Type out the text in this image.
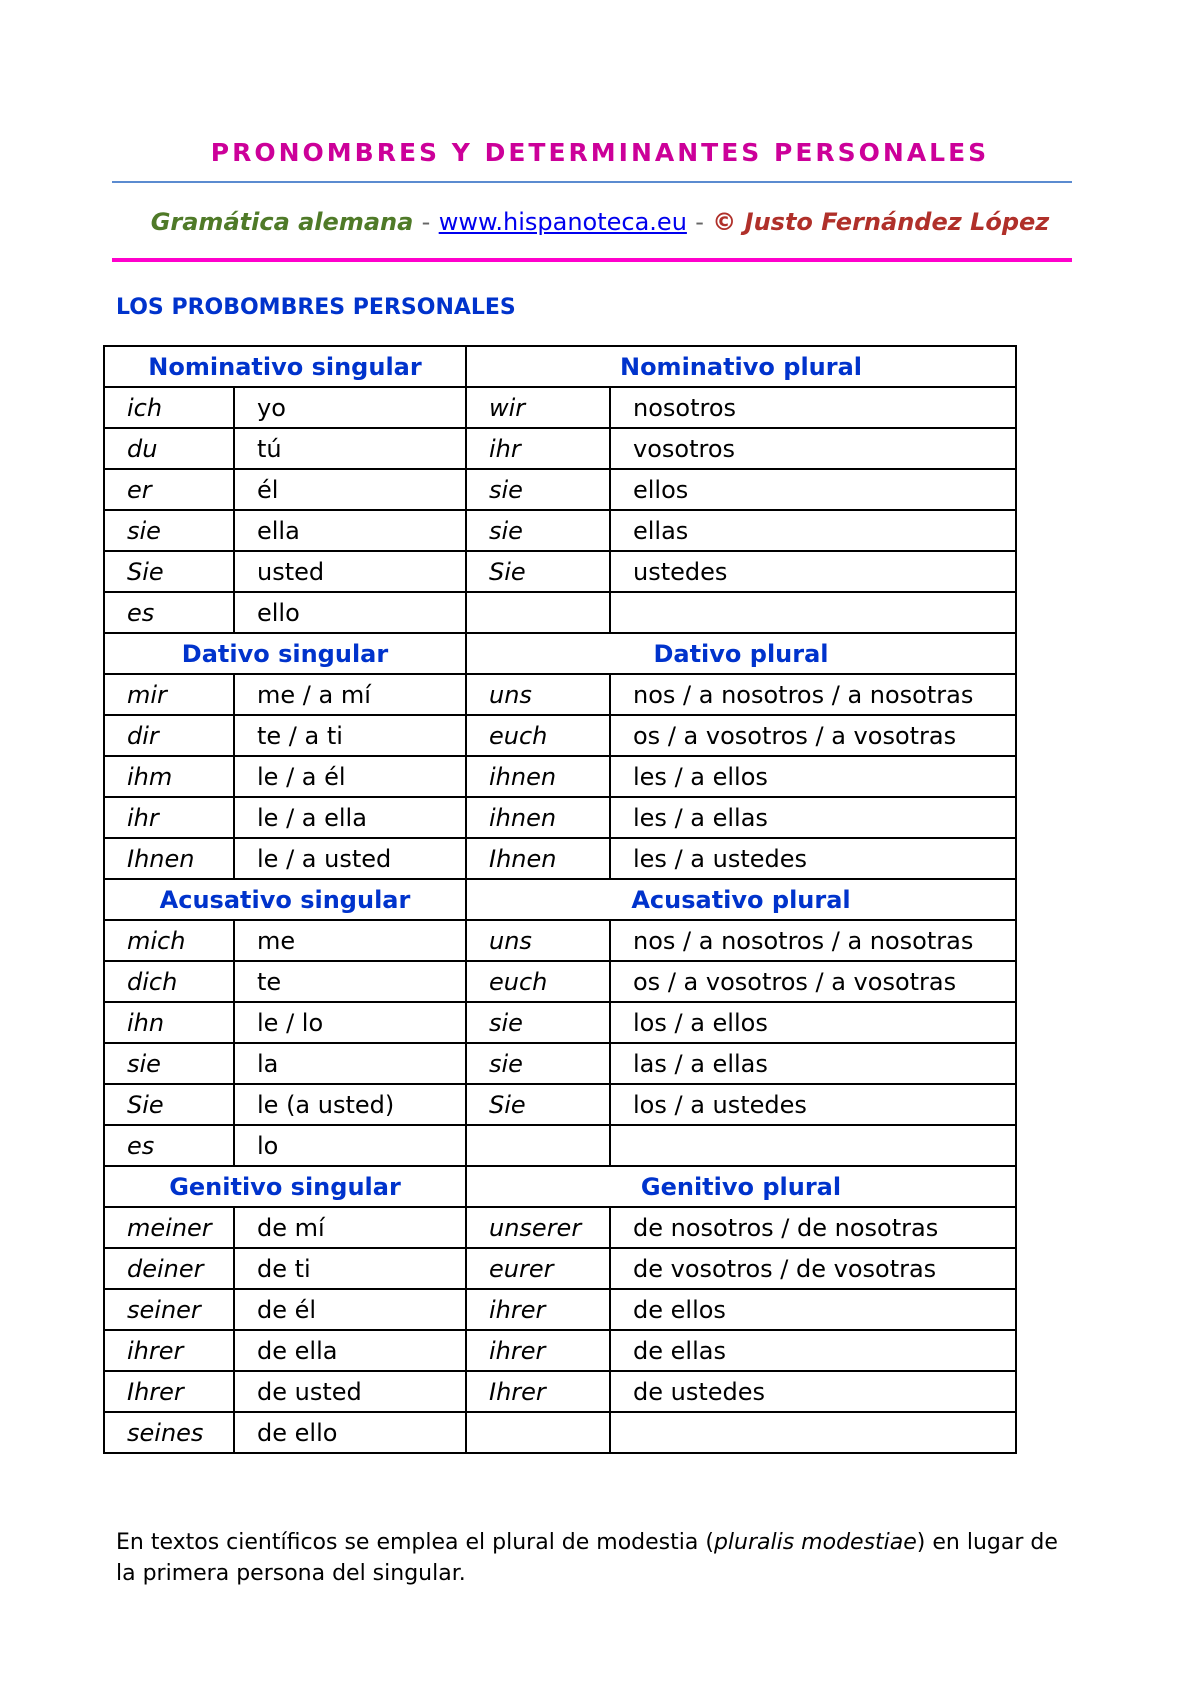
PRONOMBRES Y DETERMINANTES PERSONALES
Gramática alemana - www.hispanoteca.eu - © Justo Fernández López
LOS PROBOMBRES PERSONALES
Nominativo singular		Nominativo plural	
ich	yo	wir	nosotros
du	tú	ihr	vosotros
er	él	sie	ellos
sie	ella	sie	ellas
Sie	usted	Sie	ustedes
es	ello		
Dativo singular		Dativo plural	
mir	me / a mí	uns	nos / a nosotros / a nosotras
dir	te / a ti	euch	os / a vosotros / a vosotras
ihm	le / a él	ihnen	les / a ellos
ihr	le / a ella	ihnen	les / a ellas
Ihnen	le / a usted	Ihnen	les / a ustedes
Acusativo singular		Acusativo plural	
mich	me	uns	nos / a nosotros / a nosotras
dich	te	euch	os / a vosotros / a vosotras
ihn	le / lo	sie	los / a ellos
sie	la	sie	las / a ellas
Sie	le (a usted)	Sie	los / a ustedes
es	lo		
Genitivo singular		Genitivo plural	
meiner	de mí	unserer	de nosotros / de nosotras
deiner	de ti	eurer	de vosotros / de vosotras
seiner	de él	ihrer	de ellos
ihrer	de ella	ihrer	de ellas
Ihrer	de usted	Ihrer	de ustedes
seines	de ello		
En textos científicos se emplea el plural de modestia (pluralis modestiae) en lugar de la primera persona del singular.
